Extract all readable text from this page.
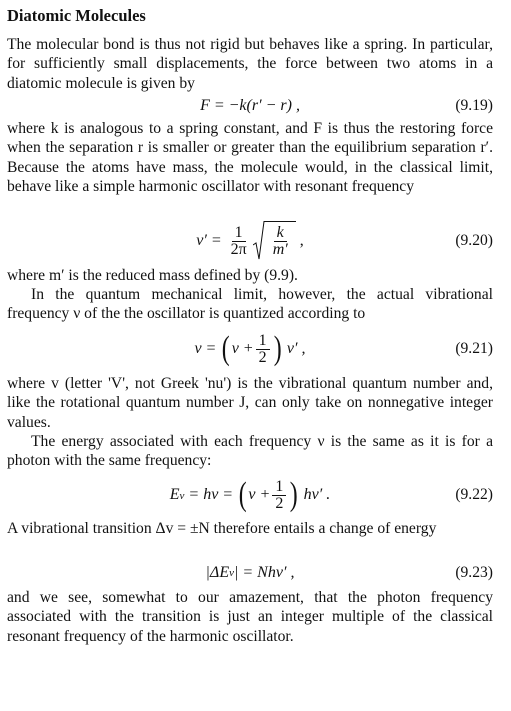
Diatomic Molecules

The molecular bond is thus not rigid but behaves like a spring. In particular, for sufficiently small displacements, the force between two atoms in a diatomic molecule is given by

F = −k(r′ − r) ,	(9.19)

where k is analogous to a spring constant, and F is thus the restoring force when the separation r is smaller or greater than the equilibrium separation r′. Because the atoms have mass, the molecule would, in the classical limit, behave like a simple harmonic oscillator with resonant frequency

$\nu' = \frac{1}{2\pi} \frac{k}{m'}$ ,	(9.20)

where m′ is the reduced mass defined by (9.9).

In the quantum mechanical limit, however, the actual vibrational frequency ν of the the oscillator is quantized according to

ν = ( $v + \frac{1}{2}$ ) ν′ ,	(9.21)

where v (letter 'V', not Greek 'nu') is the vibrational quantum number and, like the rotational quantum number J, can only take on nonnegative integer values.

The energy associated with each frequency ν is the same as it is for a photon with the same frequency:

E v = hν = ( $v + \frac{1}{2}$ ) hν′ .	(9.22)

A vibrational transition Δv = ±N therefore entails a change of energy

|ΔE v | = Nhν′ ,	(9.23)

and we see, somewhat to our amazement, that the photon frequency associated with the transition is just an integer multiple of the classical resonant frequency of the harmonic oscillator.
